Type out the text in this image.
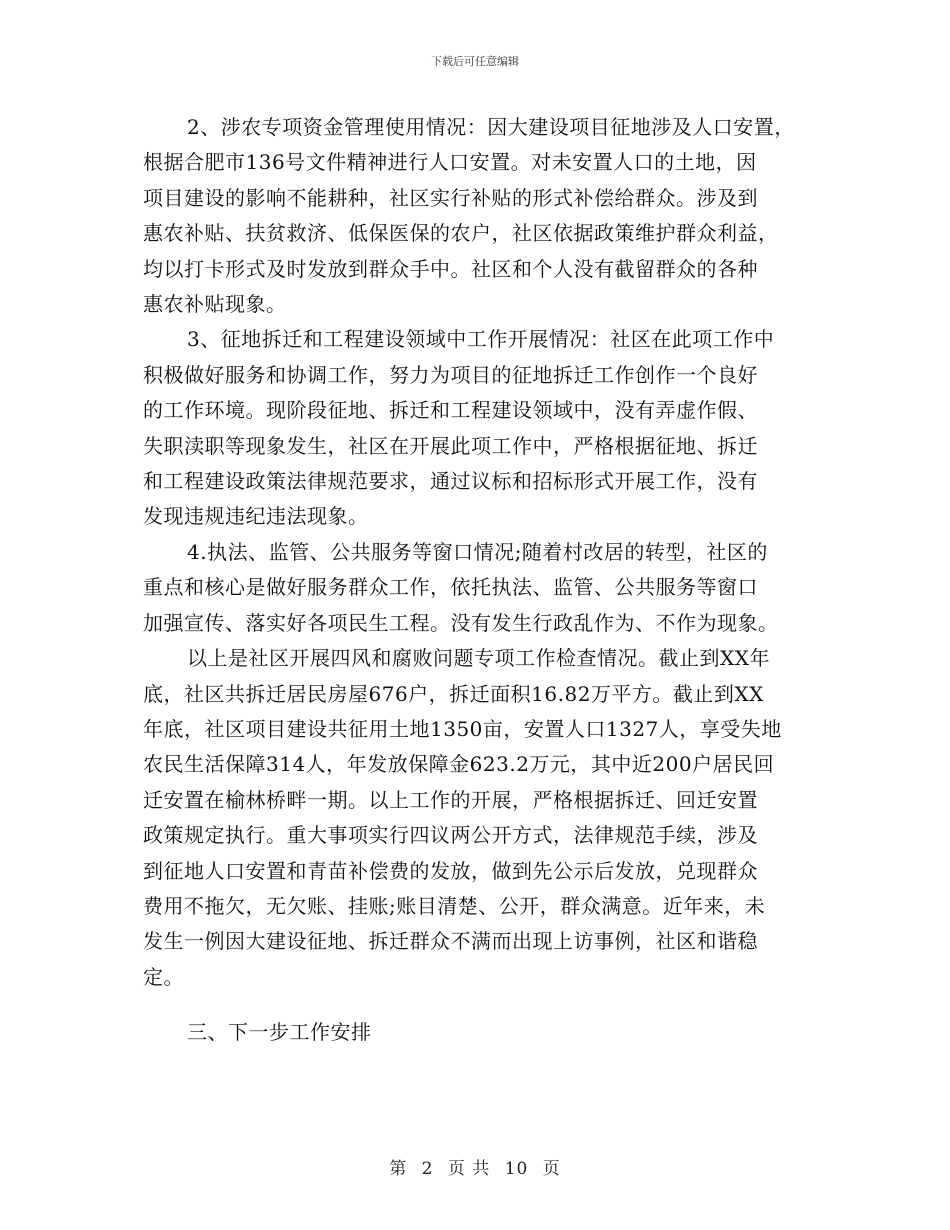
下载后可任意编辑

2、涉农专项资金管理使用情况：因大建设项目征地涉及人口安置，
根据合肥市136号文件精神进行人口安置。对未安置人口的土地，因
项目建设的影响不能耕种，社区实行补贴的形式补偿给群众。涉及到
惠农补贴、扶贫救济、低保医保的农户，社区依据政策维护群众利益，
均以打卡形式及时发放到群众手中。社区和个人没有截留群众的各种
惠农补贴现象。

3、征地拆迁和工程建设领域中工作开展情况：社区在此项工作中
积极做好服务和协调工作，努力为项目的征地拆迁工作创作一个良好
的工作环境。现阶段征地、拆迁和工程建设领域中，没有弄虚作假、
失职渎职等现象发生，社区在开展此项工作中，严格根据征地、拆迁
和工程建设政策法律规范要求，通过议标和招标形式开展工作，没有
发现违规违纪违法现象。

4.执法、监管、公共服务等窗口情况;随着村改居的转型，社区的
重点和核心是做好服务群众工作，依托执法、监管、公共服务等窗口
加强宣传、落实好各项民生工程。没有发生行政乱作为、不作为现象。

以上是社区开展四风和腐败问题专项工作检查情况。截止到XX年
底，社区共拆迁居民房屋676户，拆迁面积16.82万平方。截止到XX
年底，社区项目建设共征用土地1350亩，安置人口1327人，享受失地
农民生活保障314人，年发放保障金623.2万元，其中近200户居民回
迁安置在榆林桥畔一期。以上工作的开展，严格根据拆迁、回迁安置
政策规定执行。重大事项实行四议两公开方式，法律规范手续，涉及
到征地人口安置和青苗补偿费的发放，做到先公示后发放，兑现群众
费用不拖欠，无欠账、挂账;账目清楚、公开，群众满意。近年来，未
发生一例因大建设征地、拆迁群众不满而出现上访事例，社区和谐稳
定。

三、下一步工作安排

第 2 页 共 10 页
